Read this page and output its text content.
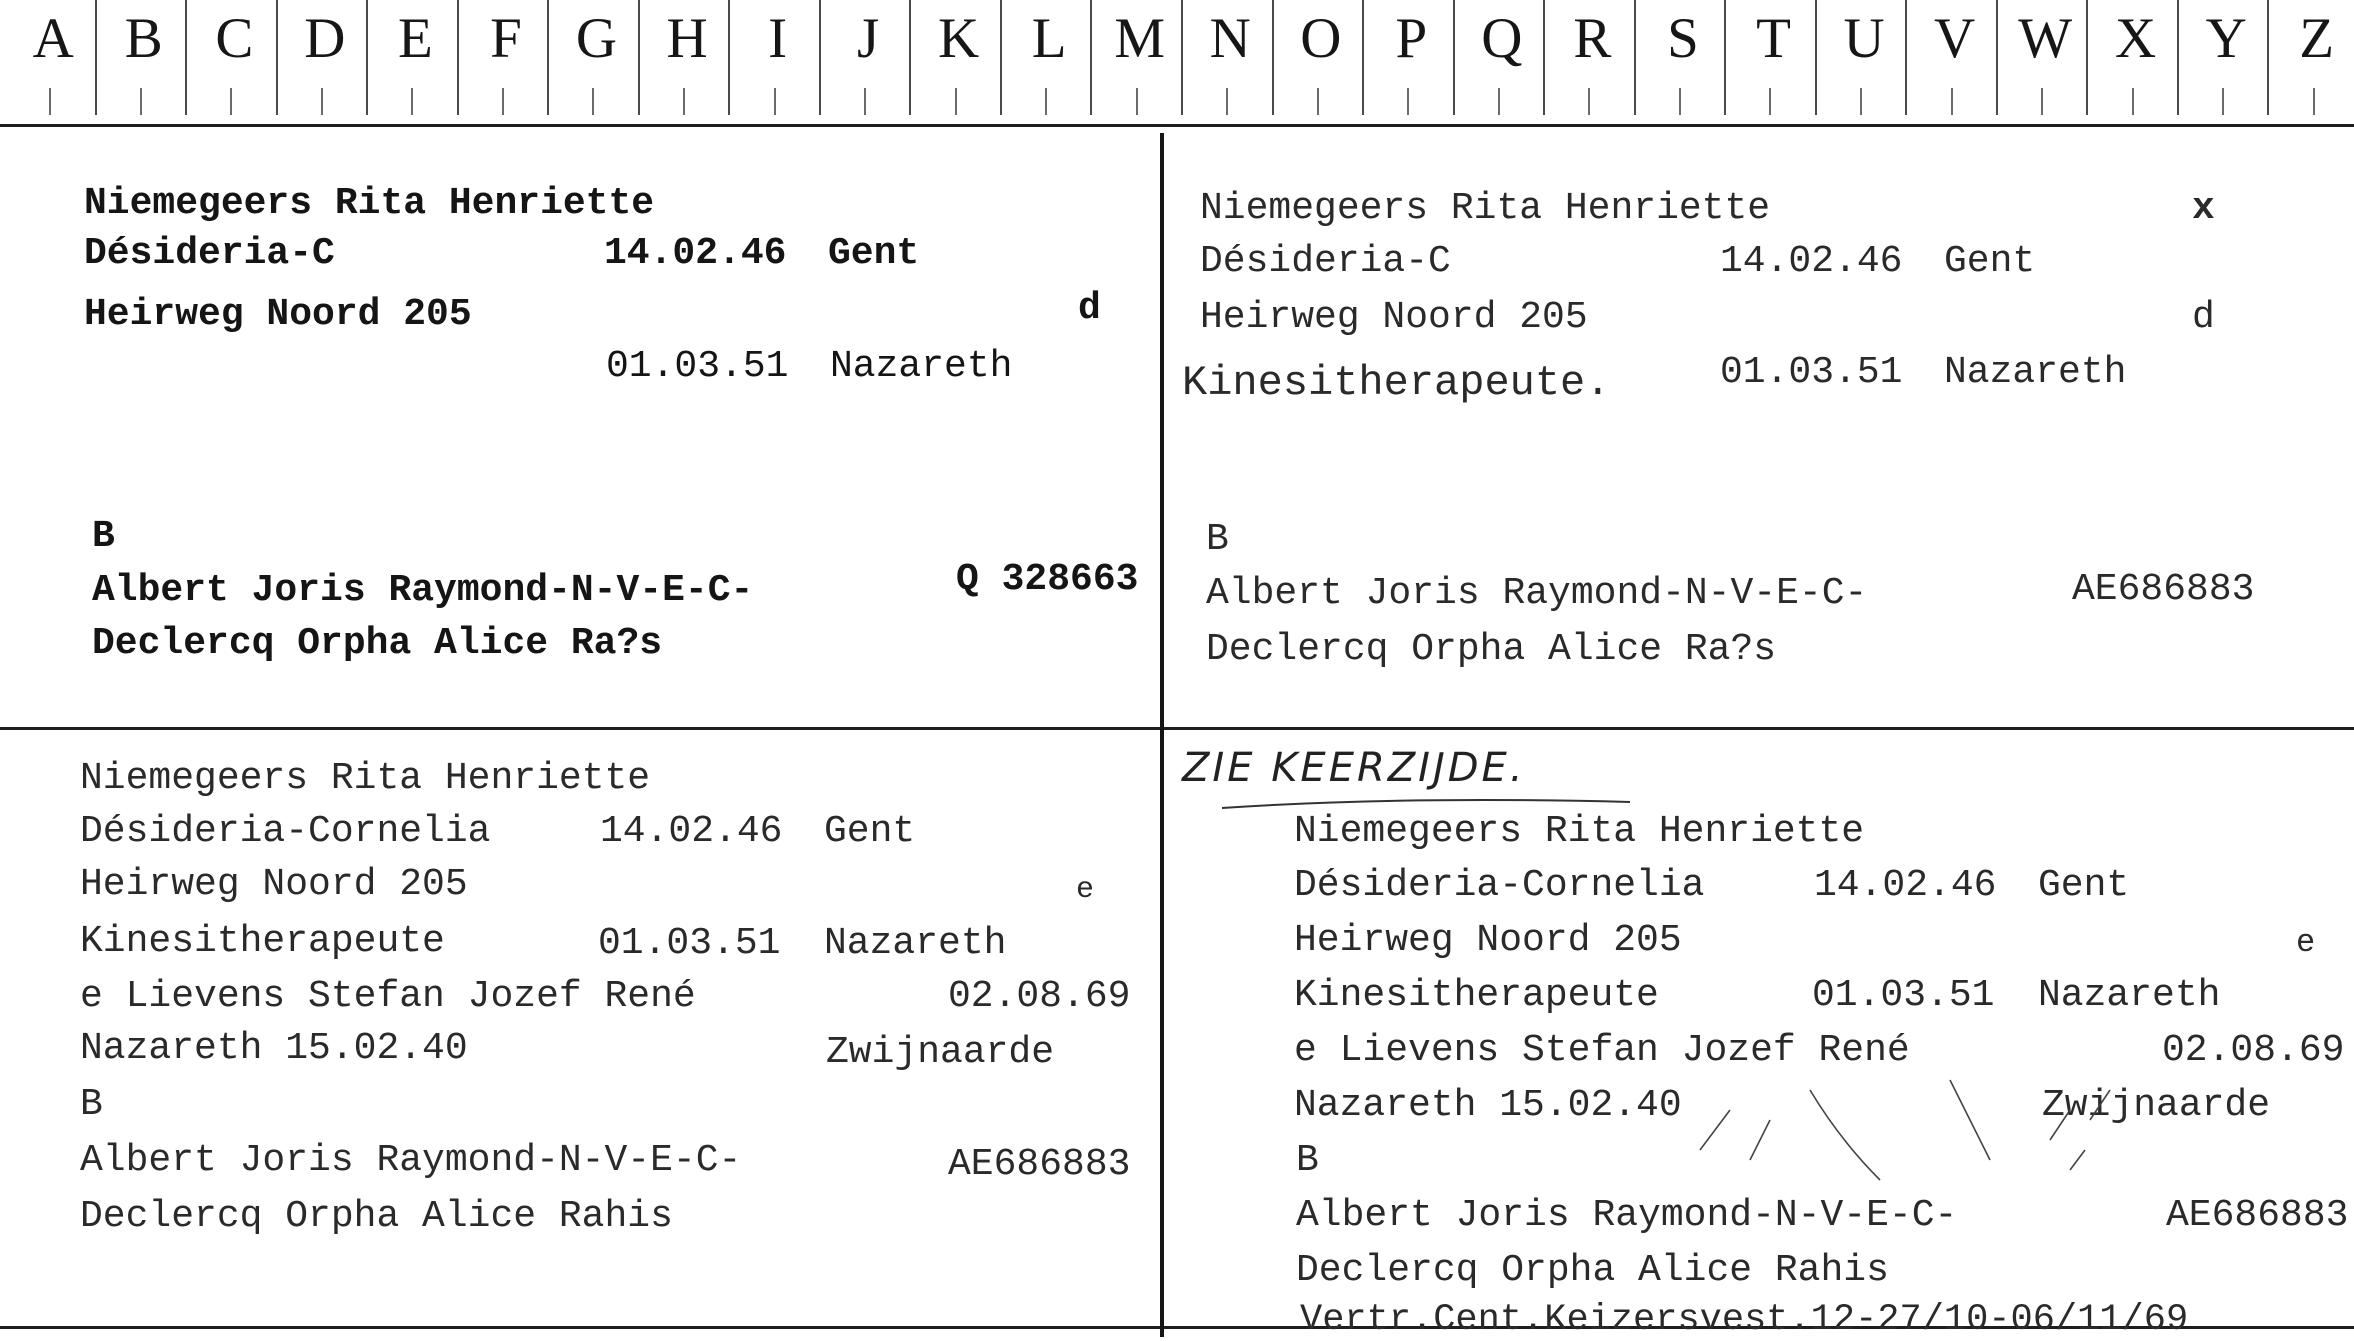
A B C D E F G H I J K L M N O P Q R S T U V W X Y Z
Niemegeers Rita Henriette
Désideria-C	14.02.46 Gent
Heirweg Noord 205	d
01.03.51 Nazareth
B
Albert Joris Raymond-N-V-E-C-	Q 328663
Declercq Orpha Alice Ra?s
Niemegeers Rita Henriette	x
Désideria-C	14.02.46 Gent
Heirweg Noord 205	d
Kinesitherapeute.	01.03.51 Nazareth
B
Albert Joris Raymond-N-V-E-C-	AE686883
Declercq Orpha Alice Ra?s
Niemegeers Rita Henriette
Désideria-Cornelia	14.02.46 Gent
Heirweg Noord 205	e
Kinesitherapeute	01.03.51 Nazareth
e Lievens Stefan Jozef René	02.08.69
Nazareth 15.02.40	Zwijnaarde
B
Albert Joris Raymond-N-V-E-C-	AE686883
Declercq Orpha Alice Rahis
ZIE KEERZIJDE.
Niemegeers Rita Henriette
Désideria-Cornelia	14.02.46 Gent
Heirweg Noord 205	e
Kinesitherapeute	01.03.51 Nazareth
e Lievens Stefan Jozef René	02.08.69
Nazareth 15.02.40	Zwijnaarde
B
Albert Joris Raymond-N-V-E-C-	AE686883
Declercq Orpha Alice Rahis
Vertr.Cent.Keizersvest.12-27/10-06/11/69
